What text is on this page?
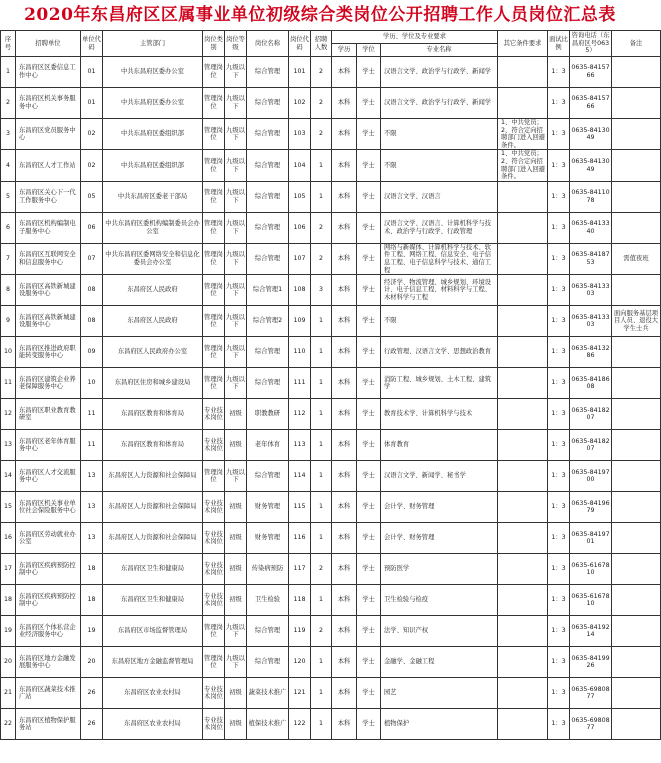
2020年东昌府区区属事业单位初级综合类岗位公开招聘工作人员岗位汇总表
序号	招聘单位	单位代码	主管部门	岗位类别	岗位等级	岗位名称	岗位代码	招聘人数	学历、学位及专业要求			其它条件要求	面试比例	咨询电话（东昌府区号0635）	备注
									学历	学位	专业名称				
1	东昌府区区委信息工作中心	01	中共东昌府区委办公室	管理岗位	九级以下	综合管理	101	2	本科	学士	汉语言文学、政治学与行政学、新闻学		1：3	0635-8415766	
2	东昌府区机关事务服务中心	01	中共东昌府区委办公室	管理岗位	九级以下	综合管理	102	2	本科	学士	汉语言文学、政治学与行政学、新闻学		1：3	0635-8415766	
3	东昌府区党员服务中心	02	中共东昌府区委组织部	管理岗位	九级以下	综合管理	103	2	本科	学士	不限	1、中共党员；2、符合定向招聘部门进入回避条件。	1：3	0635-8413049	
4	东昌府区人才工作站	02	中共东昌府区委组织部	管理岗位	九级以下	综合管理	104	1	本科	学士	不限	1、中共党员；2、符合定向招聘部门进入回避条件。	1：3	0635-8413049	
5	东昌府区关心下一代工作服务中心	05	中共东昌府区委老干部局	管理岗位	九级以下	综合管理	105	1	本科	学士	汉语言文学、汉语言		1：3	0635-8411078	
6	东昌府区机构编制电子服务中心	06	中共东昌府区委机构编制委员会办公室	管理岗位	九级以下	综合管理	106	2	本科	学士	汉语言文学、汉语言、计算机科学与技术、政治学与行政学、行政管理		1：3	0635-8413340	
7	东昌府区互联网安全和信息服务中心	07	中共东昌府区委网络安全和信息化委员会办公室	管理岗位	九级以下	综合管理	107	2	本科	学士	网络与新媒体、计算机科学与技术、软件工程、网络工程、信息安全、电子信息工程、电子信息科学与技术、通信工程		1：3	0635-8418753	需值夜班
8	东昌府区高铁新城建设服务中心	08	东昌府区人民政府	管理岗位	九级以下	综合管理1	108	3	本科	学士	经济学、物流管理、城乡规划、环境设计、电子信息工程、材料科学与工程、木材科学与工程		1：3	0635-8413303	
9	东昌府区高铁新城建设服务中心	08	东昌府区人民政府	管理岗位	九级以下	综合管理2	109	1	本科	学士	不限		1：3	0635-8413303	面向服务基层项目人员、退役大学生士兵
10	东昌府区推进政府职能转变服务中心	09	东昌府区人民政府办公室	管理岗位	九级以下	综合管理	110	1	本科	学士	行政管理、汉语言文学、思想政治教育		1：3	0635-8413286	
11	东昌府区建筑企业养老保障服务中心	10	东昌府区住房和城乡建设局	管理岗位	九级以下	综合管理	111	1	本科	学士	消防工程、城乡规划、土木工程、建筑学		1：3	0635-8418608	
12	东昌府区职业教育教研室	11	东昌府区教育和体育局	专业技术岗位	初级	职教教研	112	1	本科	学士	教育技术学、计算机科学与技术		1：3	0635-8418207	
13	东昌府区老年体育服务中心	11	东昌府区教育和体育局	专业技术岗位	初级	老年体育	113	1	本科	学士	体育教育		1：3	0635-8418207	
14	东昌府区人才交流服务中心	13	东昌府区人力资源和社会保障局	管理岗位	九级以下	综合管理	114	1	本科	学士	汉语言文学、新闻学、秘书学		1：3	0635-8419700	
15	东昌府区机关事业单位社会保险服务中心	13	东昌府区人力资源和社会保障局	专业技术岗位	初级	财务管理	115	1	本科	学士	会计学、财务管理		1：3	0635-8419679	
16	东昌府区劳动就业办公室	13	东昌府区人力资源和社会保障局	专业技术岗位	初级	财务管理	116	1	本科	学士	会计学、财务管理		1：3	0635-8419701	
17	东昌府区疾病预防控制中心	18	东昌府区卫生和健康局	专业技术岗位	初级	传染病预防	117	2	本科	学士	预防医学		1：3	0635-6167810	
18	东昌府区疾病预防控制中心	18	东昌府区卫生和健康局	专业技术岗位	初级	卫生检验	118	1	本科	学士	卫生检验与检疫		1：3	0635-6167810	
19	东昌府区个体私营企业经济服务中心	19	东昌府区市场监督管理局	管理岗位	九级以下	综合管理	119	2	本科	学士	法学、知识产权		1：3	0635-8419214	
20	东昌府区地方金融发展服务中心	20	东昌府区地方金融监督管理局	管理岗位	九级以下	综合管理	120	1	本科	学士	金融学、金融工程		1：3	0635-8419926	
21	东昌府区蔬菜技术推广站	26	东昌府区农业农村局	专业技术岗位	初级	蔬菜技术推广	121	1	本科	学士	园艺		1：3	0635-6980877	
22	东昌府区植物保护服务站	26	东昌府区农业农村局	专业技术岗位	初级	植保技术推广	122	1	本科	学士	植物保护		1：3	0635-6980877	
